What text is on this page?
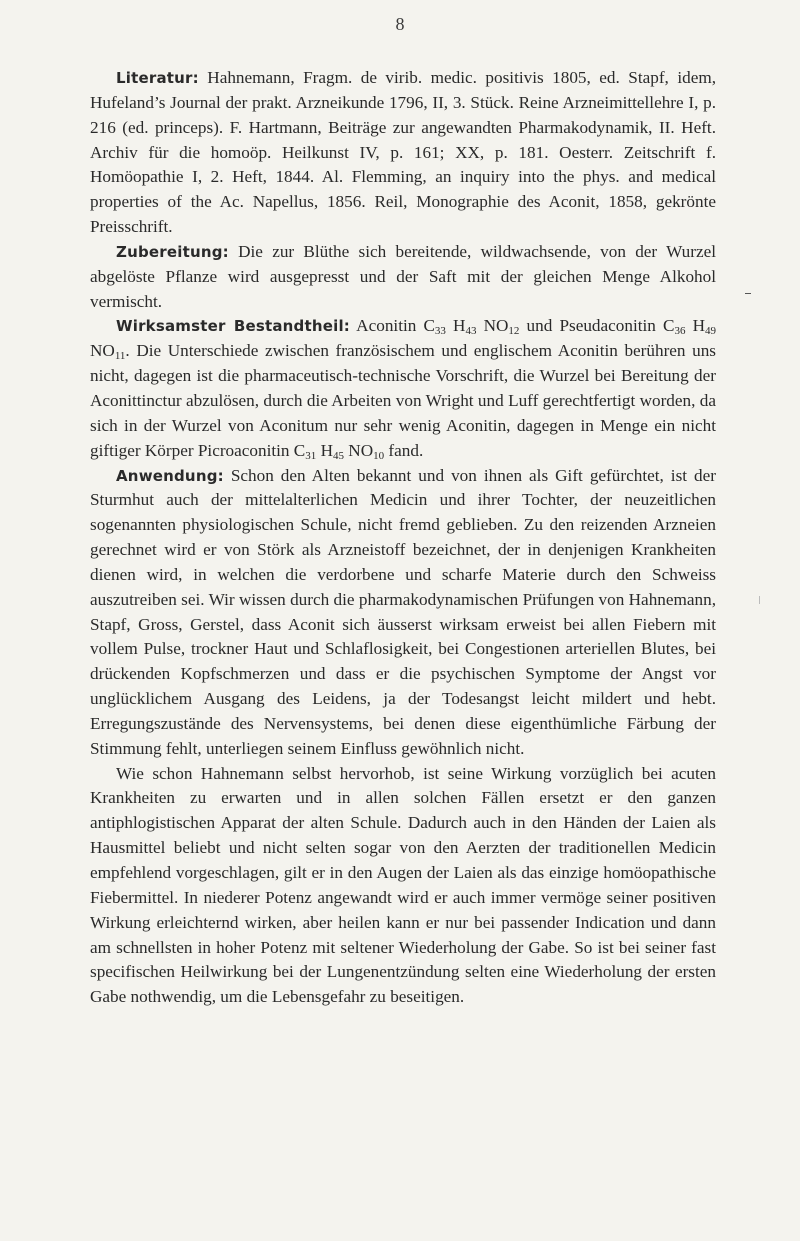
8

Literatur: Hahnemann, Fragm. de virib. medic. positivis 1805, ed. Stapf, idem, Hufeland’s Journal der prakt. Arzneikunde 1796, II, 3. Stück. Reine Arzneimittellehre I, p. 216 (ed. princeps). F. Hartmann, Beiträge zur angewandten Pharmakodynamik, II. Heft. Archiv für die homoöp. Heilkunst IV, p. 161; XX, p. 181. Oesterr. Zeitschrift f. Homöopathie I, 2. Heft, 1844. Al. Flemming, an inquiry into the phys. and medical properties of the Ac. Napellus, 1856. Reil, Monographie des Aconit, 1858, gekrönte Preisschrift.

Zubereitung: Die zur Blüthe sich bereitende, wildwachsende, von der Wurzel abgelöste Pflanze wird ausgepresst und der Saft mit der gleichen Menge Alkohol vermischt.

Wirksamster Bestandtheil: Aconitin $C_{33}$ $H_{43}$ $NO_{12}$ und Pseudaconitin $C_{36}$ $H_{49}$ $NO_{11}$. Die Unterschiede zwischen französischem und englischem Aconitin berühren uns nicht, dagegen ist die pharmaceutisch-technische Vorschrift, die Wurzel bei Bereitung der Aconittinctur abzulösen, durch die Arbeiten von Wright und Luff gerechtfertigt worden, da sich in der Wurzel von Aconitum nur sehr wenig Aconitin, dagegen in Menge ein nicht giftiger Körper Picroaconitin $C_{31}$ $H_{45}$ $NO_{10}$ fand.

Anwendung: Schon den Alten bekannt und von ihnen als Gift gefürchtet, ist der Sturmhut auch der mittelalterlichen Medicin und ihrer Tochter, der neuzeitlichen sogenannten physiologischen Schule, nicht fremd geblieben. Zu den reizenden Arzneien gerechnet wird er von Störk als Arzneistoff bezeichnet, der in denjenigen Krankheiten dienen wird, in welchen die verdorbene und scharfe Materie durch den Schweiss auszutreiben sei. Wir wissen durch die pharmakodynamischen Prüfungen von Hahnemann, Stapf, Gross, Gerstel, dass Aconit sich äusserst wirksam erweist bei allen Fiebern mit vollem Pulse, trockner Haut und Schlaflosigkeit, bei Congestionen arteriellen Blutes, bei drückenden Kopfschmerzen und dass er die psychischen Symptome der Angst vor unglücklichem Ausgang des Leidens, ja der Todesangst leicht mildert und hebt. Erregungszustände des Nervensystems, bei denen diese eigenthümliche Färbung der Stimmung fehlt, unterliegen seinem Einfluss gewöhnlich nicht.

Wie schon Hahnemann selbst hervorhob, ist seine Wirkung vorzüglich bei acuten Krankheiten zu erwarten und in allen solchen Fällen ersetzt er den ganzen antiphlogistischen Apparat der alten Schule. Dadurch auch in den Händen der Laien als Hausmittel beliebt und nicht selten sogar von den Aerzten der traditionellen Medicin empfehlend vorgeschlagen, gilt er in den Augen der Laien als das einzige homöopathische Fiebermittel. In niederer Potenz angewandt wird er auch immer vermöge seiner positiven Wirkung erleichternd wirken, aber heilen kann er nur bei passender Indication und dann am schnellsten in hoher Potenz mit seltener Wiederholung der Gabe. So ist bei seiner fast specifischen Heilwirkung bei der Lungenentzündung selten eine Wiederholung der ersten Gabe nothwendig, um die Lebensgefahr zu beseitigen.
